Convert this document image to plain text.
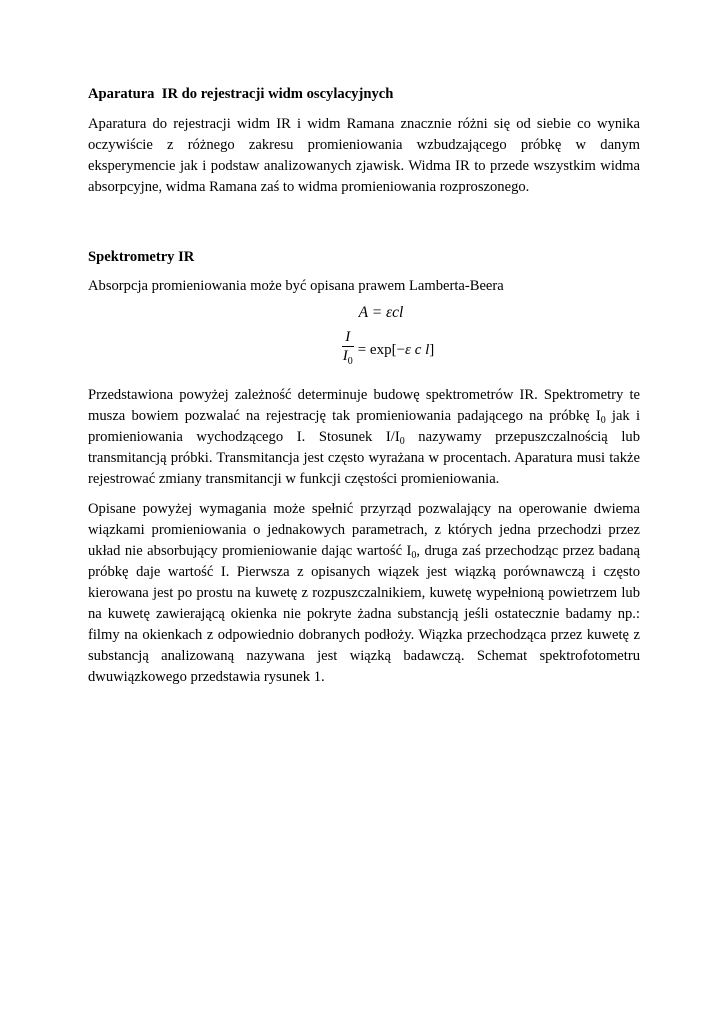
Aparatura  IR do rejestracji widm oscylacyjnych

Aparatura do rejestracji widm IR i widm Ramana znacznie różni się od siebie co wynika oczywiście z różnego zakresu promieniowania wzbudzającego próbkę w danym eksperymencie jak i podstaw analizowanych zjawisk. Widma IR to przede wszystkim widma absorpcyjne, widma Ramana zaś to widma promieniowania rozproszonego.

Spektrometry IR

Absorpcja promieniowania może być opisana prawem Lamberta-Beera

A = εcl
$\frac{I}{I_0} = \exp[-\varepsilon$ c l]

Przedstawiona powyżej zależność determinuje budowę spektrometrów IR. Spektrometry te musza bowiem pozwalać na rejestrację tak promieniowania padającego na próbkę $I_0$ jak i promieniowania wychodzącego I. Stosunek $I/I_0$ nazywamy przepuszczalnością lub transmitancją próbki. Transmitancja jest często wyrażana w procentach. Aparatura musi także rejestrować zmiany transmitancji w funkcji częstości promieniowania.

Opisane powyżej wymagania może spełnić przyrząd pozwalający na operowanie dwiema wiązkami promieniowania o jednakowych parametrach, z których jedna przechodzi przez układ nie absorbujący promieniowanie dając wartość $I_0$, druga zaś przechodząc przez badaną próbkę daje wartość I. Pierwsza z opisanych wiązek jest wiązką porównawczą i często kierowana jest po prostu na kuwetę z rozpuszczalnikiem, kuwetę wypełnioną powietrzem lub na kuwetę zawierającą okienka nie pokryte żadna substancją jeśli ostatecznie badamy np.: filmy na okienkach z odpowiednio dobranych podłoży. Wiązka przechodząca przez kuwetę z substancją analizowaną nazywana jest wiązką badawczą. Schemat spektrofotometru dwuwiązkowego przedstawia rysunek 1.
